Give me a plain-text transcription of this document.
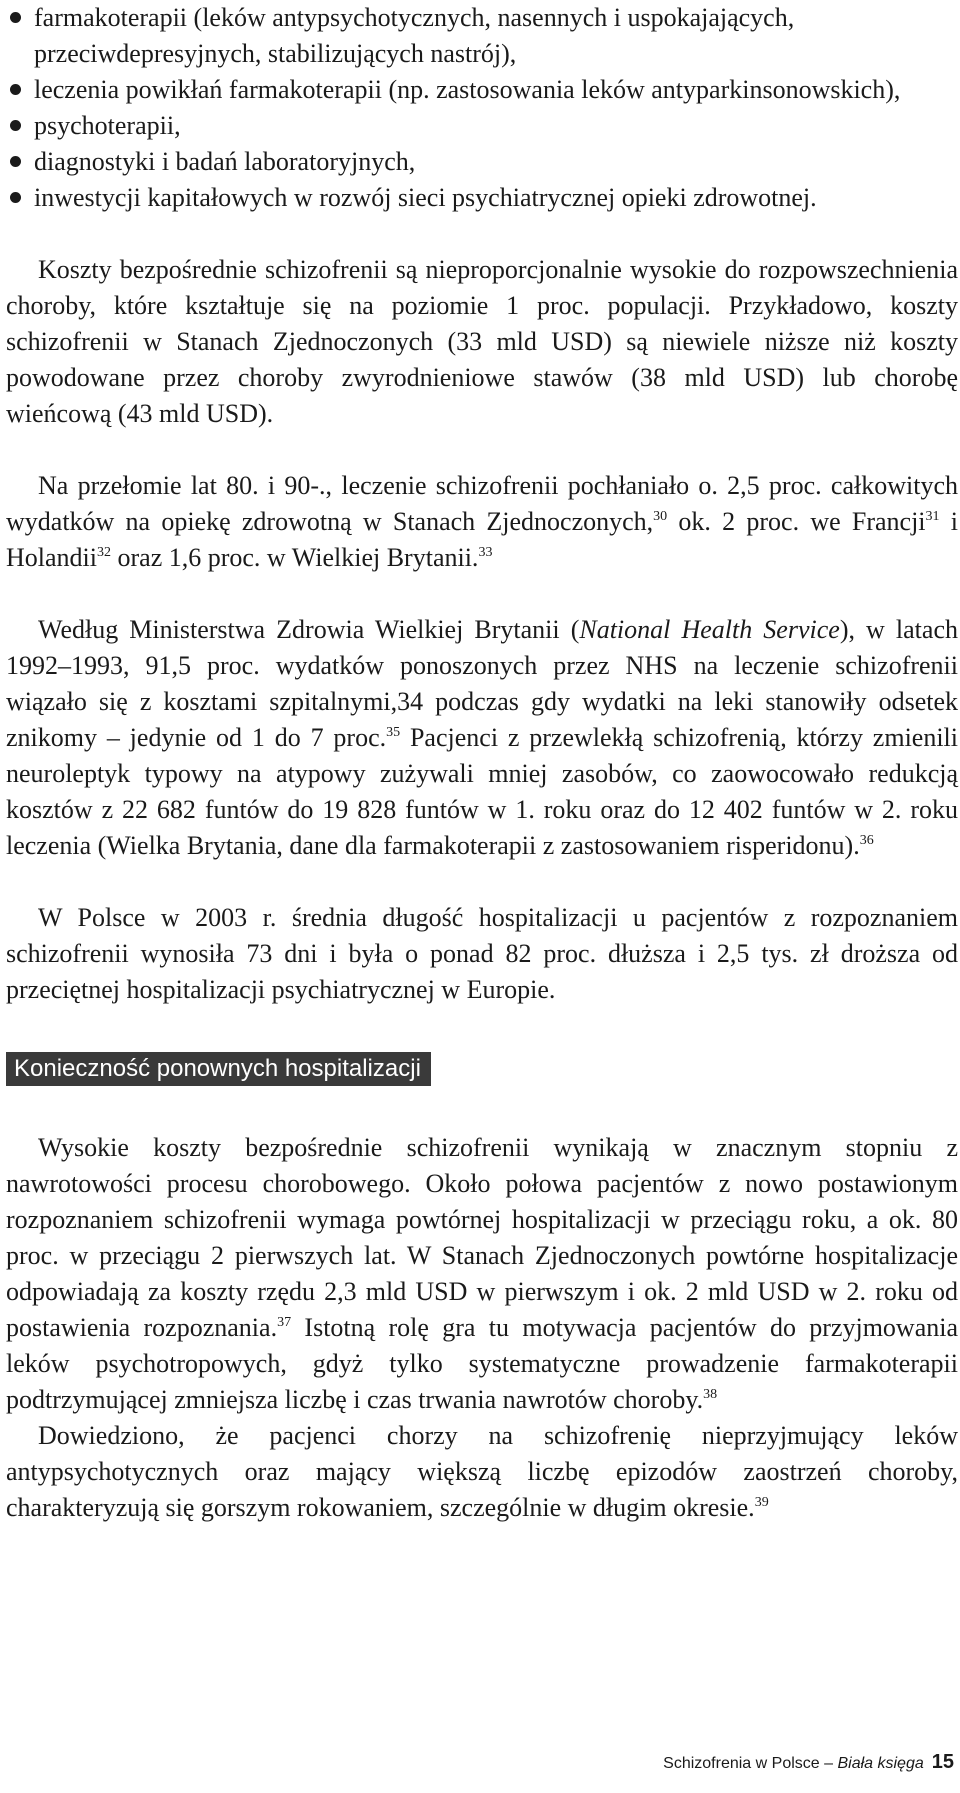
farmakoterapii (leków antypsychotycznych, nasennych i uspokajających, przeciwdepresyjnych, stabilizujących nastrój),
leczenia powikłań farmakoterapii (np. zastosowania leków antyparkinsonowskich),
psychoterapii,
diagnostyki i badań laboratoryjnych,
inwestycji kapitałowych w rozwój sieci psychiatrycznej opieki zdrowotnej.

Koszty bezpośrednie schizofrenii są nieproporcjonalnie wysokie do rozpowszechnienia choroby, które kształtuje się na poziomie 1 proc. populacji. Przykładowo, koszty schizofrenii w Stanach Zjednoczonych (33 mld USD) są niewiele niższe niż koszty powodowane przez choroby zwyrodnieniowe stawów (38 mld USD) lub chorobę wieńcową (43 mld USD).

Na przełomie lat 80. i 90-., leczenie schizofrenii pochłaniało o. 2,5 proc. całkowitych wydatków na opiekę zdrowotną w Stanach Zjednoczonych,$^{30}$ ok. 2 proc. we Francji$^{31}$ i Holandii$^{32}$ oraz 1,6 proc. w Wielkiej Brytanii.$^{33}$

Według Ministerstwa Zdrowia Wielkiej Brytanii (National Health Service), w latach 1992–1993, 91,5 proc. wydatków ponoszonych przez NHS na leczenie schizofrenii wiązało się z kosztami szpitalnymi,34 podczas gdy wydatki na leki stanowiły odsetek znikomy – jedynie od 1 do 7 proc.$^{35}$ Pacjenci z przewlekłą schizofrenią, którzy zmienili neuroleptyk typowy na atypowy zużywali mniej zasobów, co zaowocowało redukcją kosztów z 22 682 funtów do 19 828 funtów w 1. roku oraz do 12 402 funtów w 2. roku leczenia (Wielka Brytania, dane dla farmakoterapii z zastosowaniem risperidonu).$^{36}$

W Polsce w 2003 r. średnia długość hospitalizacji u pacjentów z rozpoznaniem schizofrenii wynosiła 73 dni i była o ponad 82 proc. dłuższa i 2,5 tys. zł droższa od przeciętnej hospitalizacji psychiatrycznej w Europie.

Konieczność ponownych hospitalizacji

Wysokie koszty bezpośrednie schizofrenii wynikają w znacznym stopniu z nawrotowości procesu chorobowego. Około połowa pacjentów z nowo postawionym rozpoznaniem schizofrenii wymaga powtórnej hospitalizacji w przeciągu roku, a ok. 80 proc. w przeciągu 2 pierwszych lat. W Stanach Zjednoczonych powtórne hospitalizacje odpowiadają za koszty rzędu 2,3 mld USD w pierwszym i ok. 2 mld USD w 2. roku od postawienia rozpoznania.$^{37}$ Istotną rolę gra tu motywacja pacjentów do przyjmowania leków psychotropowych, gdyż tylko systematyczne prowadzenie farmakoterapii podtrzymującej zmniejsza liczbę i czas trwania nawrotów choroby.$^{38}$

Dowiedziono, że pacjenci chorzy na schizofrenię nieprzyjmujący leków antypsychotycznych oraz mający większą liczbę epizodów zaostrzeń choroby, charakteryzują się gorszym rokowaniem, szczególnie w długim okresie.$^{39}$

Schizofrenia w Polsce – Biała księga 15
